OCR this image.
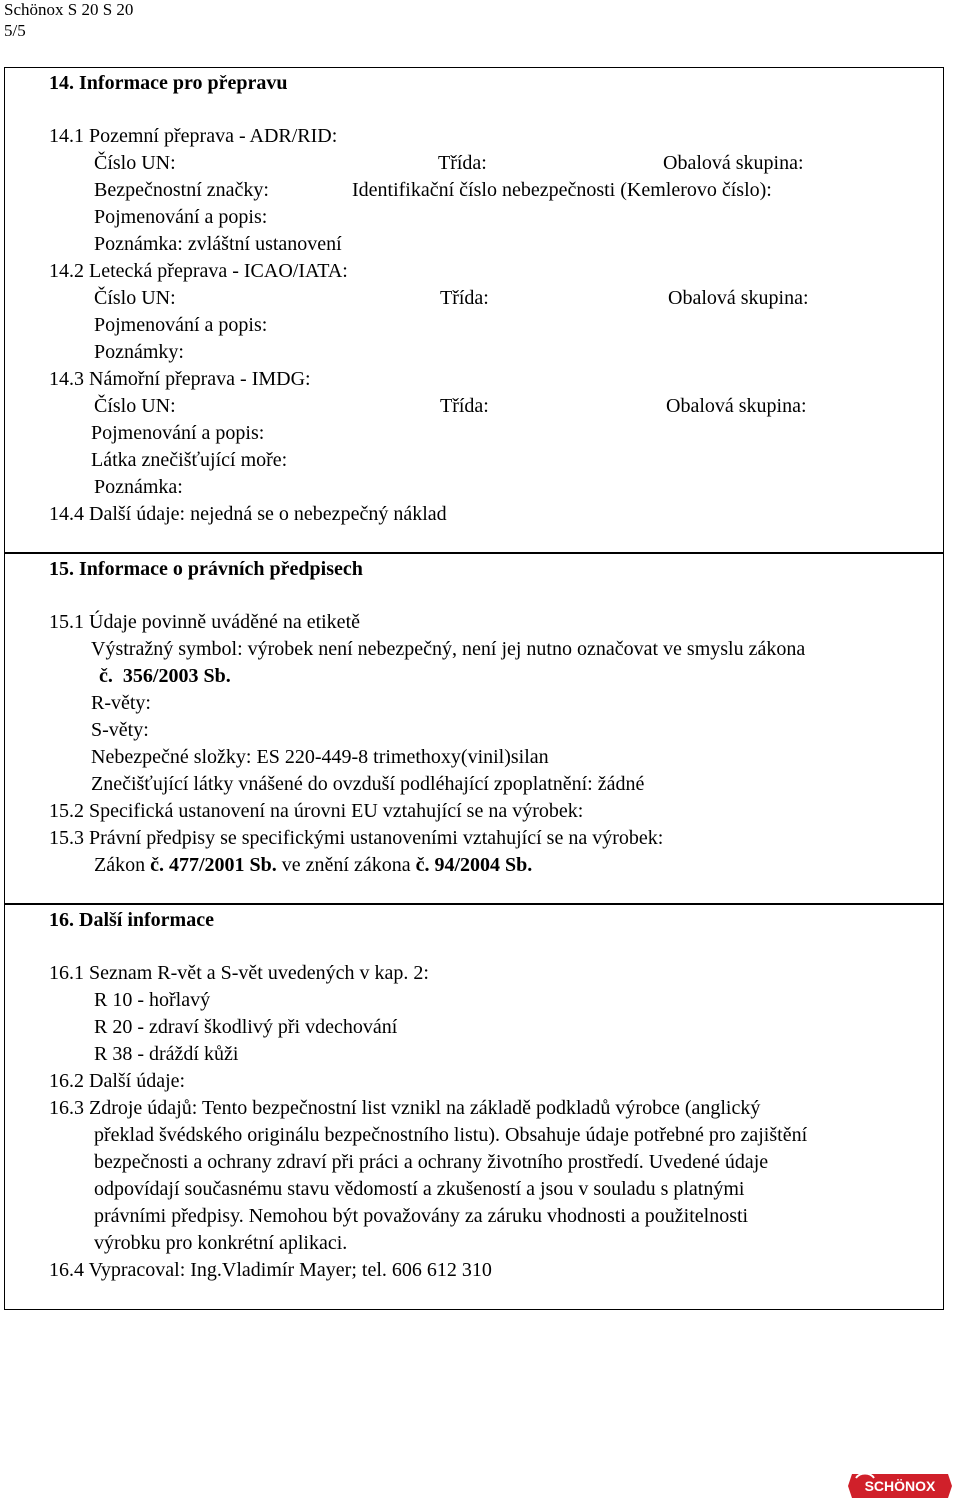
Schönox S 20 S 20
5/5
14. Informace pro přepravu
14.1 Pozemní přeprava - ADR/RID:
Číslo UN:	Třída:	Obalová skupina:
Bezpečnostní značky:	Identifikační číslo nebezpečnosti (Kemlerovo číslo):
Pojmenování a popis:
Poznámka: zvláštní ustanovení
14.2 Letecká přeprava - ICAO/IATA:
Číslo UN:	Třída:	Obalová skupina:
Pojmenování a popis:
Poznámky:
14.3 Námořní přeprava - IMDG:
Číslo UN:	Třída:	Obalová skupina:
Pojmenování a popis:
Látka znečišťující moře:
Poznámka:
14.4 Další údaje: nejedná se o nebezpečný náklad
15. Informace o právních předpisech
15.1 Údaje povinně uváděné na etiketě
Výstražný symbol: výrobek není nebezpečný, není jej nutno označovat ve smyslu zákona
č. 356/2003 Sb.
R-věty:
S-věty:
Nebezpečné složky: ES 220-449-8 trimethoxy(vinil)silan
Znečišťující látky vnášené do ovzduší podléhající zpoplatnění: žádné
15.2 Specifická ustanovení na úrovni EU vztahující se na výrobek:
15.3 Právní předpisy se specifickými ustanoveními vztahující se na výrobek:
Zákon č. 477/2001 Sb. ve znění zákona č. 94/2004 Sb.
16. Další informace
16.1 Seznam R-vět a S-vět uvedených v kap. 2:
R 10 - hořlavý
R 20 - zdraví škodlivý při vdechování
R 38 - dráždí kůži
16.2 Další údaje:
16.3 Zdroje údajů: Tento bezpečnostní list vznikl na základě podkladů výrobce (anglický
překlad švédského originálu bezpečnostního listu). Obsahuje údaje potřebné pro zajištění
bezpečnosti a ochrany zdraví při práci a ochrany životního prostředí. Uvedené údaje
odpovídají současnému stavu vědomostí a zkušeností a jsou v souladu s platnými
právními předpisy. Nemohou být považovány za záruku vhodnosti a použitelnosti
výrobku pro konkrétní aplikaci.
16.4 Vypracoval: Ing.Vladimír Mayer; tel. 606 612 310
SCHÖNOX
